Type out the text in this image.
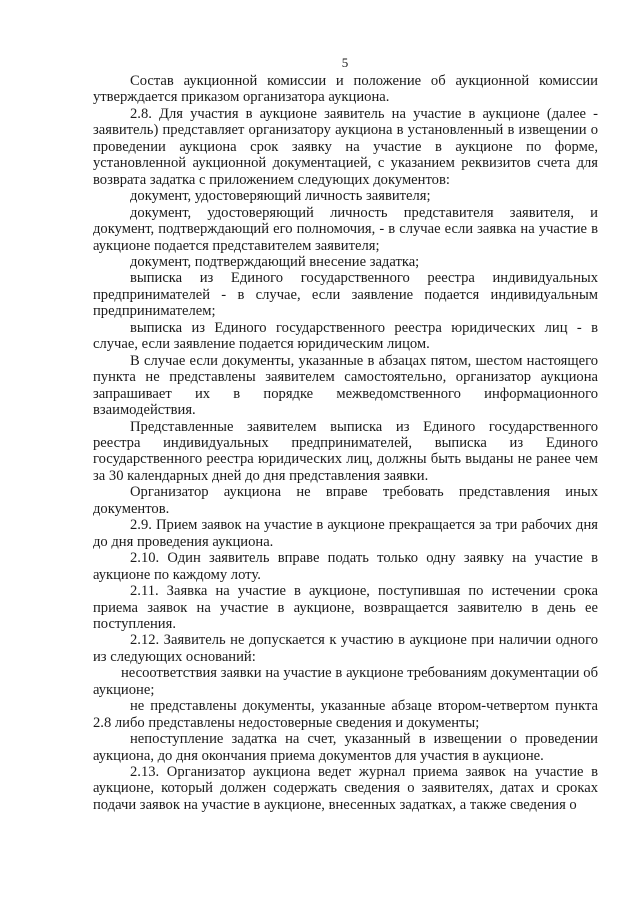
5

Состав аукционной комиссии и положение об аукционной комиссии утверждается приказом организатора аукциона.

2.8. Для участия в аукционе заявитель на участие в аукционе (далее - заявитель) представляет организатору аукциона в установленный в извещении о проведении аукциона срок заявку на участие в аукционе по форме, установленной аукционной документацией, с указанием реквизитов счета для возврата задатка с приложением следующих документов:

документ, удостоверяющий личность заявителя;

документ, удостоверяющий личность представителя заявителя, и документ, подтверждающий его полномочия, - в случае если заявка на участие в аукционе подается представителем заявителя;

документ, подтверждающий внесение задатка;

выписка из Единого государственного реестра индивидуальных предпринимателей - в случае, если заявление подается индивидуальным предпринимателем;

выписка из Единого государственного реестра юридических лиц - в случае, если заявление подается юридическим лицом.

В случае если документы, указанные в абзацах пятом, шестом настоящего пункта не представлены заявителем самостоятельно, организатор аукциона запрашивает их в порядке межведомственного информационного взаимодействия.

Представленные заявителем выписка из Единого государственного реестра индивидуальных предпринимателей, выписка из Единого государственного реестра юридических лиц, должны быть выданы не ранее чем за 30 календарных дней до дня представления заявки.

Организатор аукциона не вправе требовать представления иных документов.

2.9. Прием заявок на участие в аукционе прекращается за три рабочих дня до дня проведения аукциона.

2.10. Один заявитель вправе подать только одну заявку на участие в аукционе по каждому лоту.

2.11. Заявка на участие в аукционе, поступившая по истечении срока приема заявок на участие в аукционе, возвращается заявителю в день ее поступления.

2.12. Заявитель не допускается к участию в аукционе при наличии одного из следующих оснований:

несоответствия заявки на участие в аукционе требованиям документации об аукционе;

не представлены документы, указанные абзаце втором-четвертом пункта 2.8 либо представлены недостоверные сведения и документы;

непоступление задатка на счет, указанный в извещении о проведении аукциона, до дня окончания приема документов для участия в аукционе.

2.13. Организатор аукциона ведет журнал приема заявок на участие в аукционе, который должен содержать сведения о заявителях, датах и сроках подачи заявок на участие в аукционе, внесенных задатках, а также сведения о
